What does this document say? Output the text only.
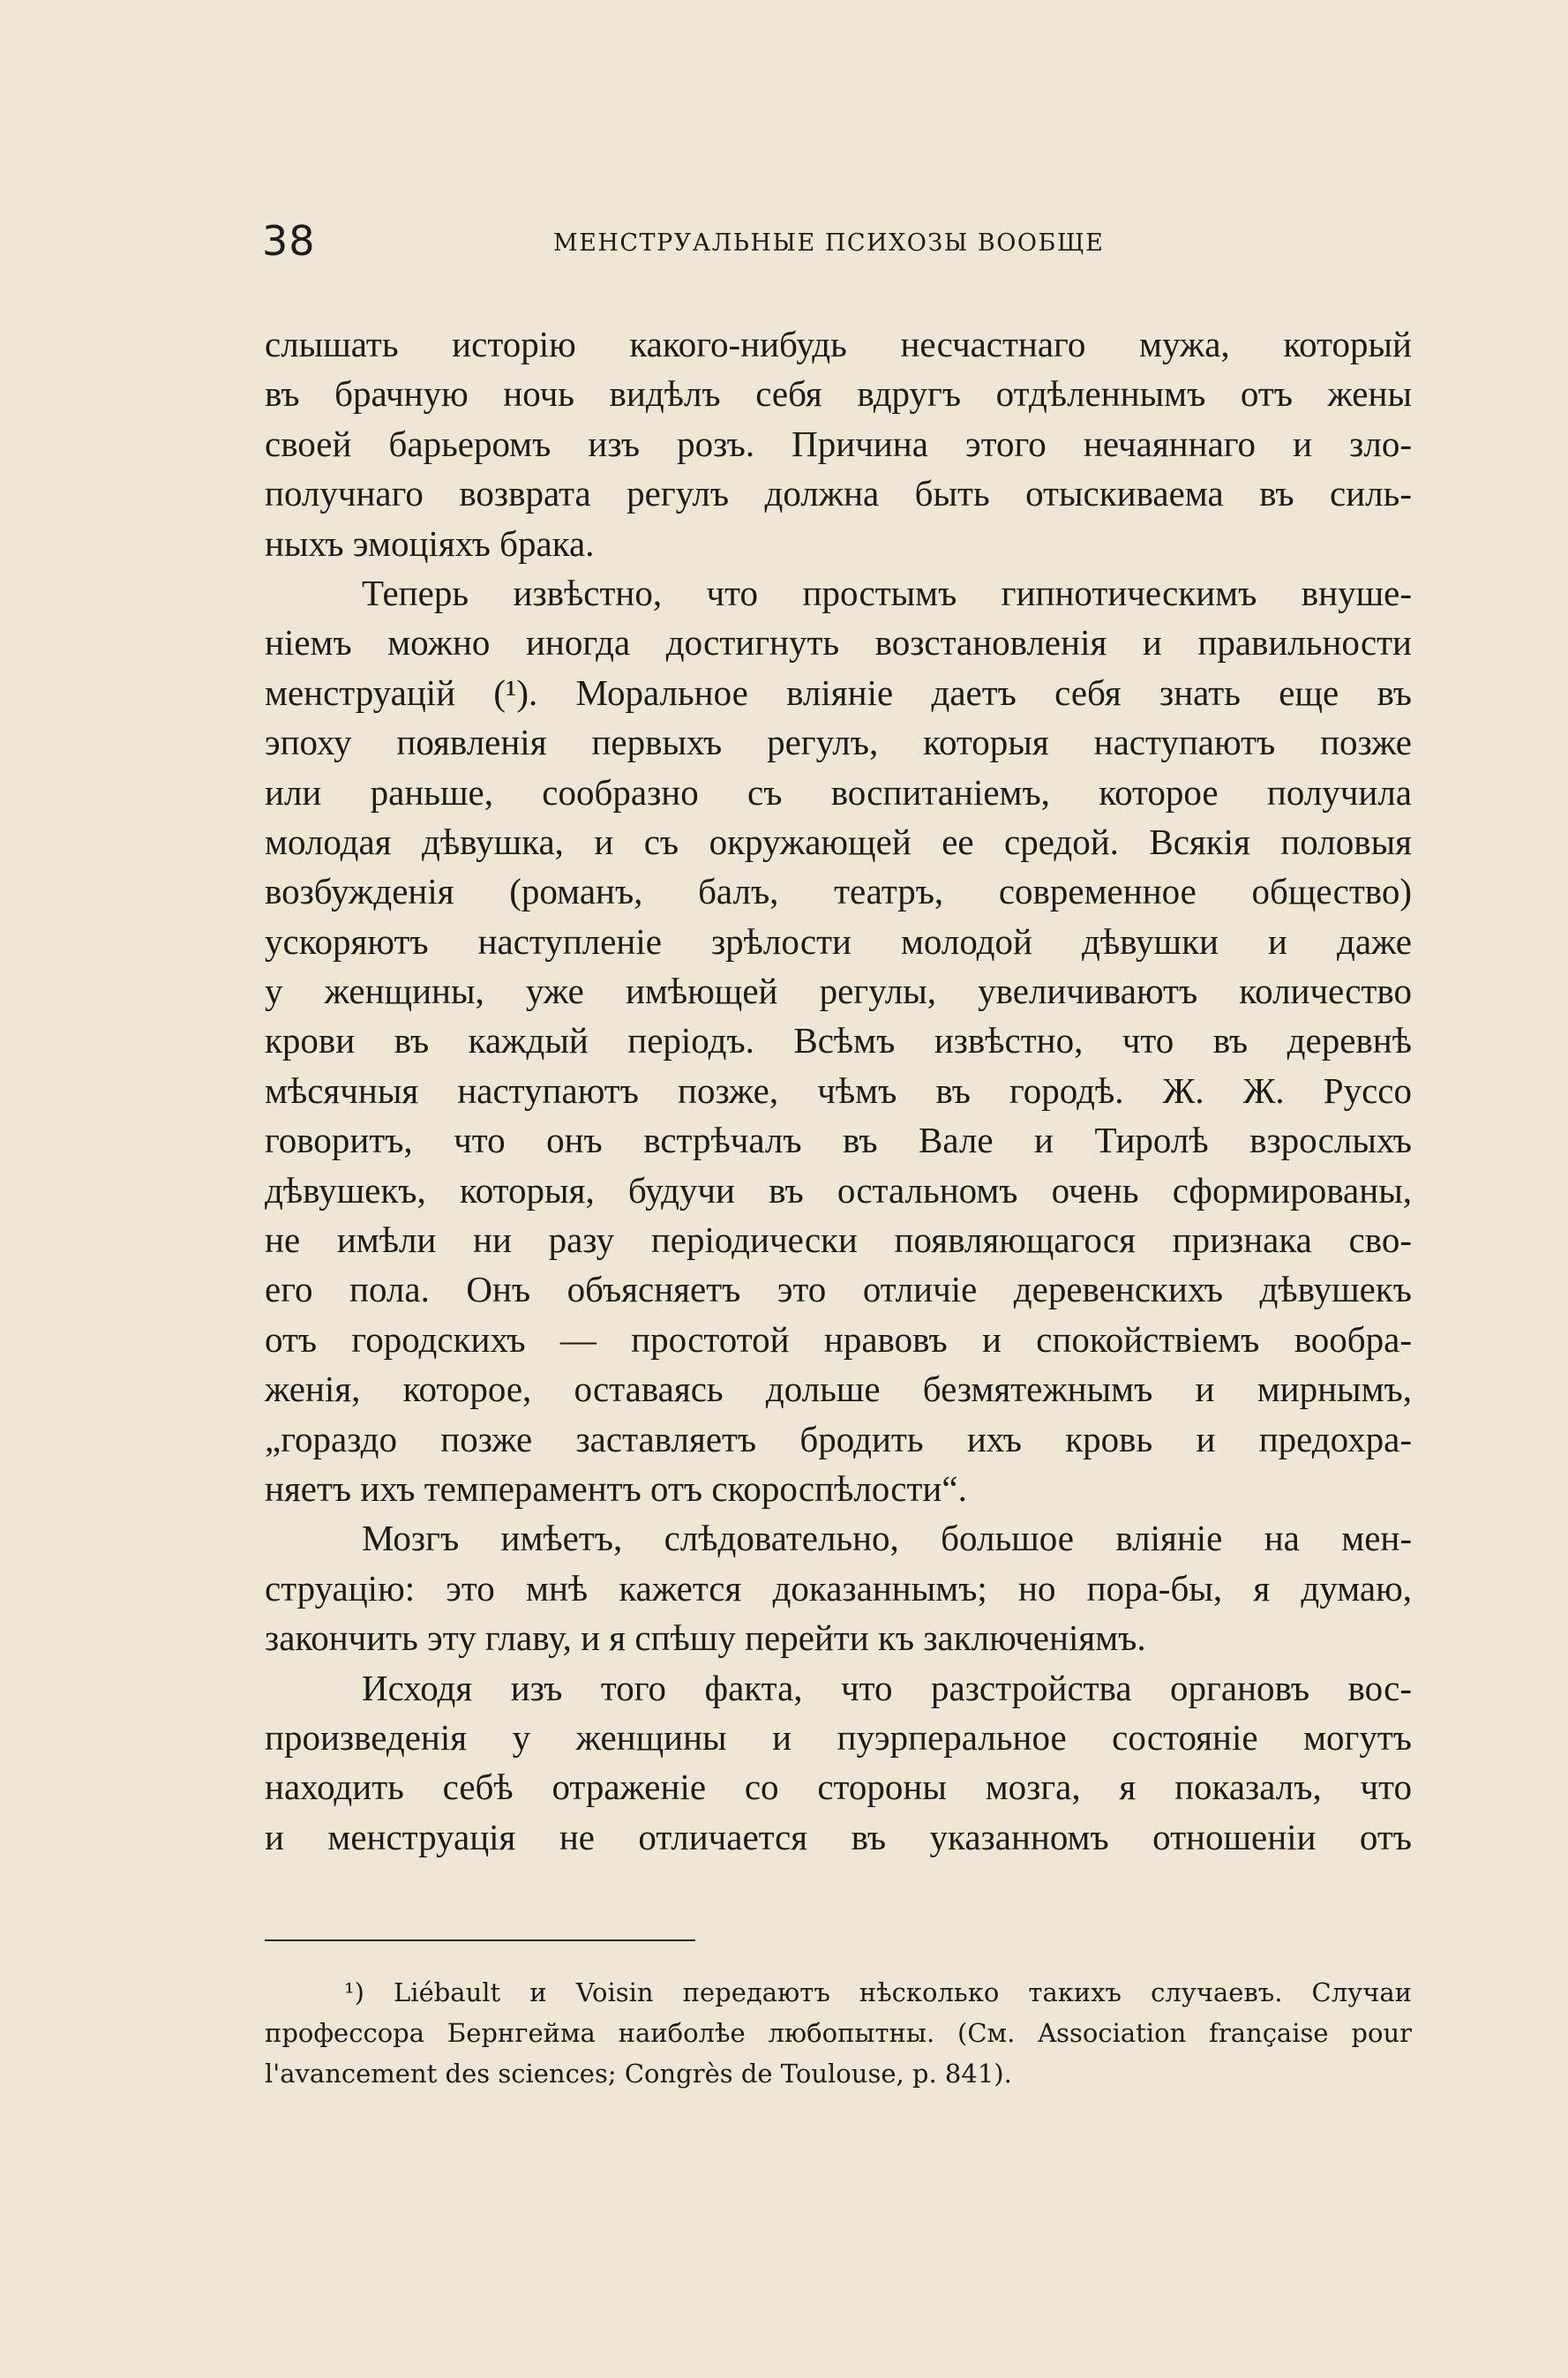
38	МЕНСТРУАЛЬНЫЕ ПСИХОЗЫ ВООБЩЕ
слышать исторію какого-нибудь несчастнаго мужа, который
въ брачную ночь видѣлъ себя вдругъ отдѣленнымъ отъ жены
своей барьеромъ изъ розъ. Причина этого нечаяннаго и зло-
получнаго возврата регулъ должна быть отыскиваема въ силь-
ныхъ эмоціяхъ брака.
Теперь извѣстно, что простымъ гипнотическимъ внуше-
ніемъ можно иногда достигнуть возстановленія и правильности
менструацій (¹). Моральное вліяніе даетъ себя знать еще въ
эпоху появленія первыхъ регулъ, которыя наступаютъ позже
или раньше, сообразно съ воспитаніемъ, которое получила
молодая дѣвушка, и съ окружающей ее средой. Всякія половыя
возбужденія (романъ, балъ, театръ, современное общество)
ускоряютъ наступленіе зрѣлости молодой дѣвушки и даже
у женщины, уже имѣющей регулы, увеличиваютъ количество
крови въ каждый періодъ. Всѣмъ извѣстно, что въ деревнѣ
мѣсячныя наступаютъ позже, чѣмъ въ городѣ. Ж. Ж. Руссо
говоритъ, что онъ встрѣчалъ въ Вале и Тиролѣ взрослыхъ
дѣвушекъ, которыя, будучи въ остальномъ очень сформированы,
не имѣли ни разу періодически появляющагося признака сво-
его пола. Онъ объясняетъ это отличіе деревенскихъ дѣвушекъ
отъ городскихъ — простотой нравовъ и спокойствіемъ вообра-
женія, которое, оставаясь дольше безмятежнымъ и мирнымъ,
„гораздо позже заставляетъ бродить ихъ кровь и предохра-
няетъ ихъ темпераментъ отъ скороспѣлости“.
Мозгъ имѣетъ, слѣдовательно, большое вліяніе на мен-
струацію: это мнѣ кажется доказаннымъ; но пора-бы, я думаю,
закончить эту главу, и я спѣшу перейти къ заключеніямъ.
Исходя изъ того факта, что разстройства органовъ вос-
произведенія у женщины и пуэрперальное состояніе могутъ
находить себѣ отраженіе со стороны мозга, я показалъ, что
и менструація не отличается въ указанномъ отношеніи отъ
¹) Liébault и Voisin передаютъ нѣсколько такихъ случаевъ. Случаи
профессора Бернгейма наиболѣе любопытны. (См. Association française pour
l'avancement des sciences; Congrès de Toulouse, p. 841).
